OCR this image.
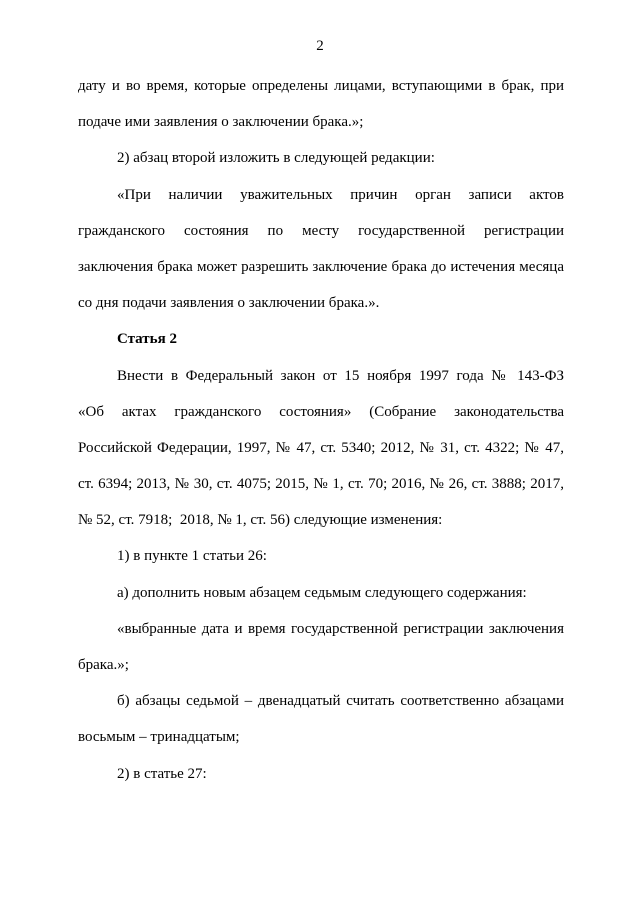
2
дату и во время, которые определены лицами, вступающими в брак, при
подаче ими заявления о заключении брака.»;
2) абзац второй изложить в следующей редакции:
«При наличии уважительных причин орган записи актов
гражданского состояния по месту государственной регистрации
заключения брака может разрешить заключение брака до истечения месяца
со дня подачи заявления о заключении брака.».
Статья 2
Внести в Федеральный закон от 15 ноября 1997 года № 143-ФЗ
«Об актах гражданского состояния» (Собрание законодательства
Российской Федерации, 1997, № 47, ст. 5340; 2012, № 31, ст. 4322; № 47,
ст. 6394; 2013, № 30, ст. 4075; 2015, № 1, ст. 70; 2016, № 26, ст. 3888; 2017,
№ 52, ст. 7918;  2018, № 1, ст. 56) следующие изменения:
1) в пункте 1 статьи 26:
а) дополнить новым абзацем седьмым следующего содержания:
«выбранные дата и время государственной регистрации заключения
брака.»;
б) абзацы седьмой – двенадцатый считать соответственно абзацами
восьмым – тринадцатым;
2) в статье 27:
